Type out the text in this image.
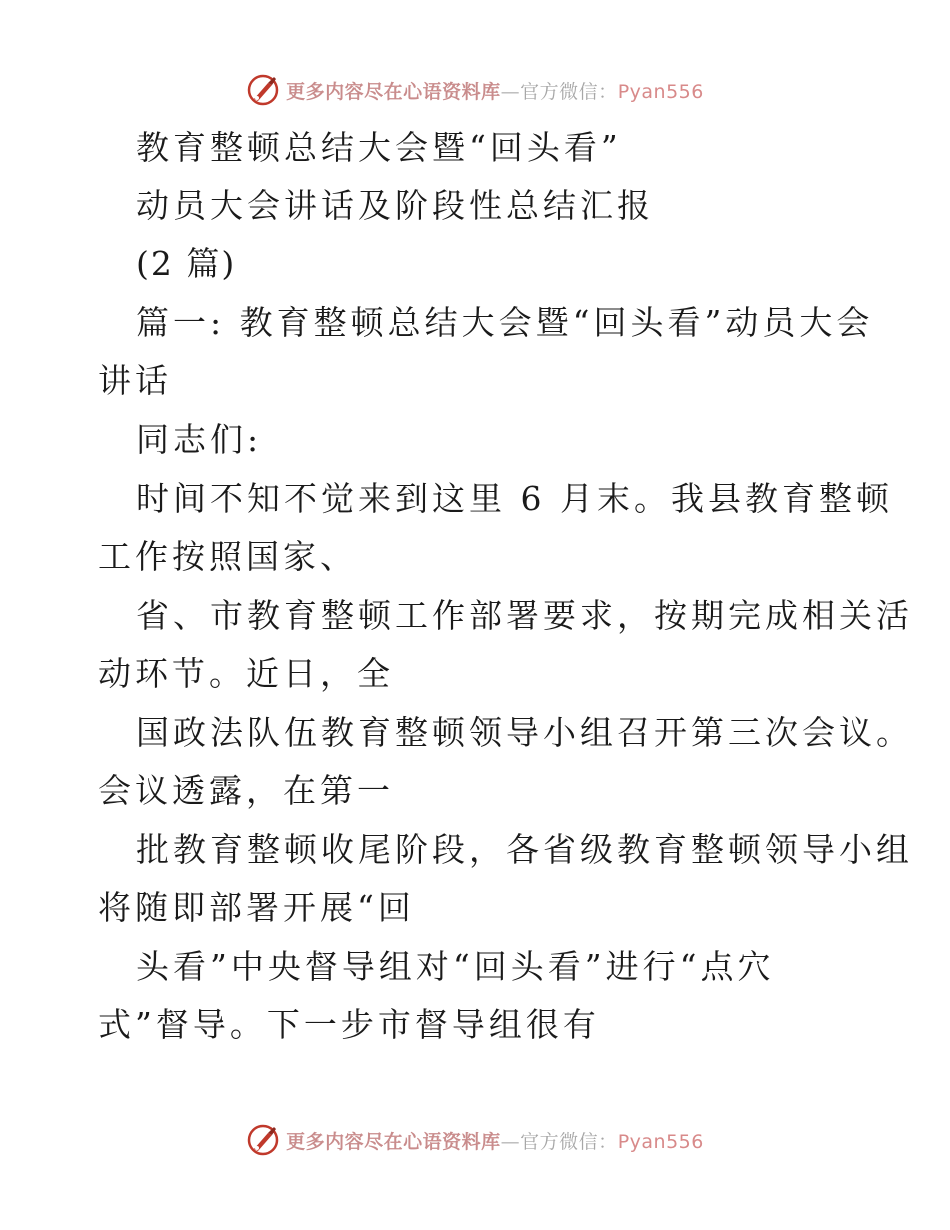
更多内容尽在心语资料库—官方微信：Pyan556
教育整顿总结大会暨“回头看”
动员大会讲话及阶段性总结汇报
(2 篇)
篇一: 教育整顿总结大会暨“回头看”动员大会
讲话
同志们:
时间不知不觉来到这里 6 月末。我县教育整顿
工作按照国家、
省、市教育整顿工作部署要求，按期完成相关活
动环节。近日，全
国政法队伍教育整顿领导小组召开第三次会议。
会议透露，在第一
批教育整顿收尾阶段，各省级教育整顿领导小组
将随即部署开展“回
头看”中央督导组对“回头看”进行“点穴
式”督导。下一步市督导组很有
更多内容尽在心语资料库—官方微信：Pyan556
